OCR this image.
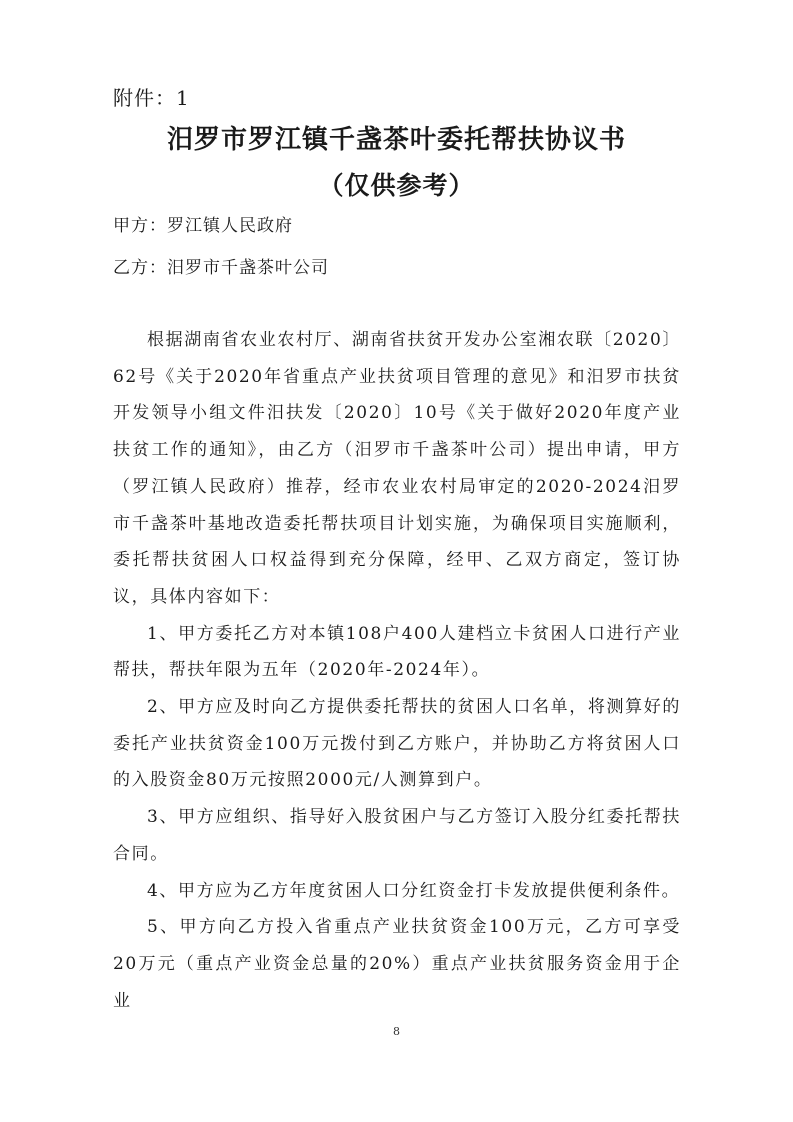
附件：1
汨罗市罗江镇千盏茶叶委托帮扶协议书
（仅供参考）
甲方：罗江镇人民政府
乙方：汨罗市千盏茶叶公司

根据湖南省农业农村厅、湖南省扶贫开发办公室湘农联〔2020〕62号《关于2020年省重点产业扶贫项目管理的意见》和汨罗市扶贫开发领导小组文件汨扶发〔2020〕10号《关于做好2020年度产业扶贫工作的通知》，由乙方（汨罗市千盏茶叶公司）提出申请，甲方（罗江镇人民政府）推荐，经市农业农村局审定的2020-2024汨罗市千盏茶叶基地改造委托帮扶项目计划实施，为确保项目实施顺利，委托帮扶贫困人口权益得到充分保障，经甲、乙双方商定，签订协议，具体内容如下：

1、甲方委托乙方对本镇108户400人建档立卡贫困人口进行产业帮扶，帮扶年限为五年（2020年-2024年）。

2、甲方应及时向乙方提供委托帮扶的贫困人口名单，将测算好的委托产业扶贫资金100万元拨付到乙方账户，并协助乙方将贫困人口的入股资金80万元按照2000元/人测算到户。

3、甲方应组织、指导好入股贫困户与乙方签订入股分红委托帮扶合同。

4、甲方应为乙方年度贫困人口分红资金打卡发放提供便利条件。

5、甲方向乙方投入省重点产业扶贫资金100万元，乙方可享受20万元（重点产业资金总量的20%）重点产业扶贫服务资金用于企业

8
